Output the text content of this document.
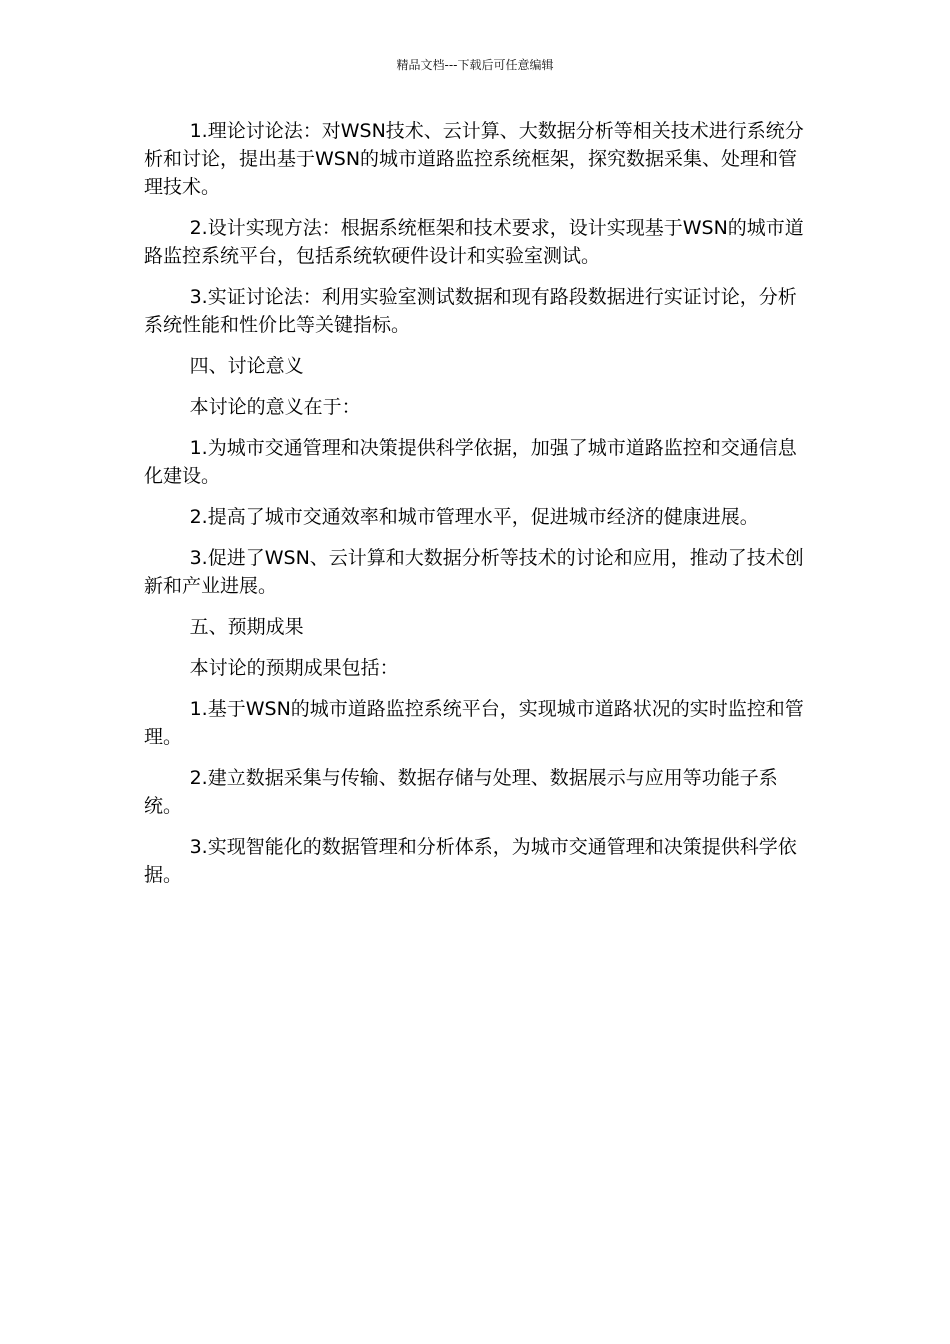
精品文档---下载后可任意编辑

1.理论讨论法：对WSN技术、云计算、大数据分析等相关技术进行系统分析和讨论，提出基于WSN的城市道路监控系统框架，探究数据采集、处理和管理技术。

2.设计实现方法：根据系统框架和技术要求，设计实现基于WSN的城市道路监控系统平台，包括系统软硬件设计和实验室测试。

3.实证讨论法：利用实验室测试数据和现有路段数据进行实证讨论，分析系统性能和性价比等关键指标。

四、讨论意义

本讨论的意义在于：

1.为城市交通管理和决策提供科学依据，加强了城市道路监控和交通信息化建设。

2.提高了城市交通效率和城市管理水平，促进城市经济的健康进展。

3.促进了WSN、云计算和大数据分析等技术的讨论和应用，推动了技术创新和产业进展。

五、预期成果

本讨论的预期成果包括：

1.基于WSN的城市道路监控系统平台，实现城市道路状况的实时监控和管理。

2.建立数据采集与传输、数据存储与处理、数据展示与应用等功能子系统。

3.实现智能化的数据管理和分析体系，为城市交通管理和决策提供科学依据。
